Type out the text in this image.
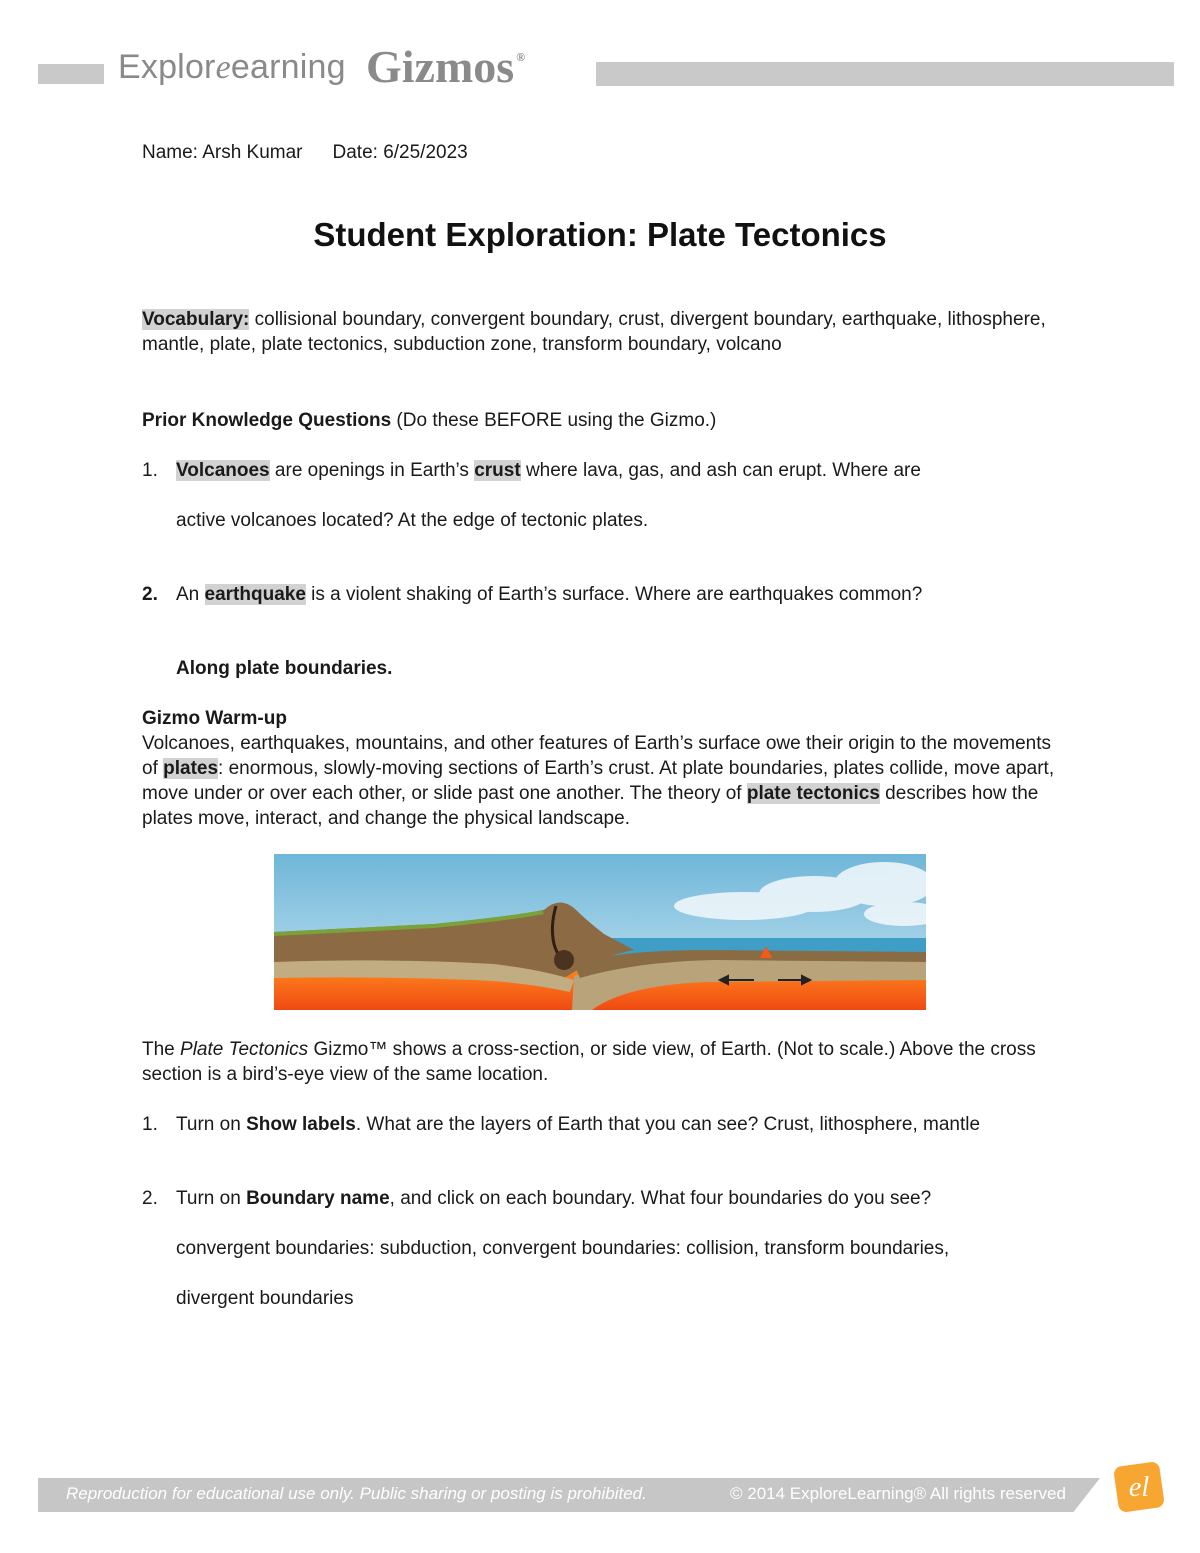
Exploreearning Gizmos ®
Name: Arsh Kumar Date: 6/25/2023
Student Exploration: Plate Tectonics
Vocabulary: collisional boundary, convergent boundary, crust, divergent boundary, earthquake, lithosphere, mantle, plate, plate tectonics, subduction zone, transform boundary, volcano
Prior Knowledge Questions (Do these BEFORE using the Gizmo.)
1. Volcanoes are openings in Earth’s crust where lava, gas, and ash can erupt. Where are
active volcanoes located? At the edge of tectonic plates.
2. An earthquake is a violent shaking of Earth’s surface. Where are earthquakes common?
Along plate boundaries.
Gizmo Warm-up
Volcanoes, earthquakes, mountains, and other features of Earth’s surface owe their origin to the movements of plates: enormous, slowly-moving sections of Earth’s crust. At plate boundaries, plates collide, move apart, move under or over each other, or slide past one another. The theory of plate tectonics describes how the plates move, interact, and change the physical landscape.
The Plate Tectonics Gizmo™ shows a cross-section, or side view, of Earth. (Not to scale.) Above the cross section is a bird’s-eye view of the same location.
1. Turn on Show labels. What are the layers of Earth that you can see? Crust, lithosphere, mantle
2. Turn on Boundary name, and click on each boundary. What four boundaries do you see?
convergent boundaries: subduction, convergent boundaries: collision, transform boundaries,
divergent boundaries
Reproduction for educational use only. Public sharing or posting is prohibited.	© 2014 ExploreLearning® All rights reserved el
